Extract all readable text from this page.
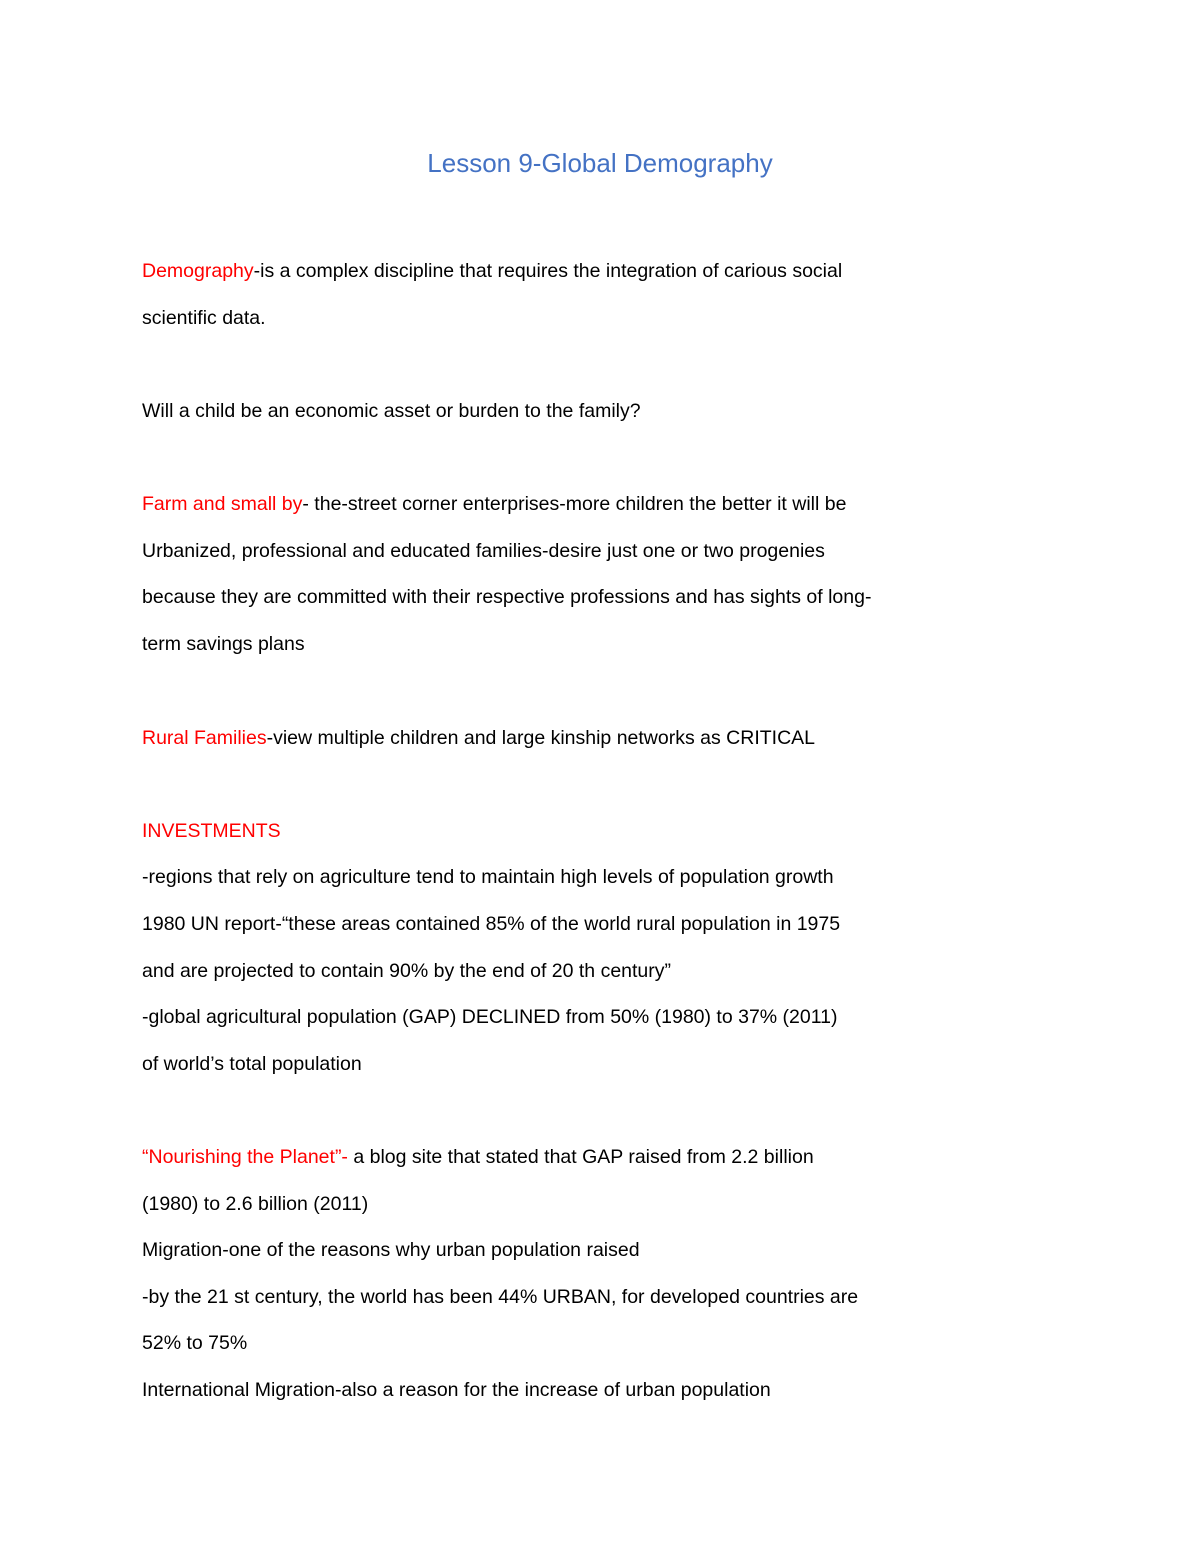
Lesson 9-Global Demography
Demography-is a complex discipline that requires the integration of carious social
scientific data.
Will a child be an economic asset or burden to the family?
Farm and small by- the-street corner enterprises-more children the better it will be
Urbanized, professional and educated families-desire just one or two progenies
because they are committed with their respective professions and has sights of long-
term savings plans
Rural Families-view multiple children and large kinship networks as CRITICAL
INVESTMENTS
-regions that rely on agriculture tend to maintain high levels of population growth
1980 UN report-“these areas contained 85% of the world rural population in 1975
and are projected to contain 90% by the end of 20 th century”
-global agricultural population (GAP) DECLINED from 50% (1980) to 37% (2011)
of world’s total population
“Nourishing the Planet”- a blog site that stated that GAP raised from 2.2 billion
(1980) to 2.6 billion (2011)
Migration-one of the reasons why urban population raised
-by the 21 st century, the world has been 44% URBAN, for developed countries are
52% to 75%
International Migration-also a reason for the increase of urban population
